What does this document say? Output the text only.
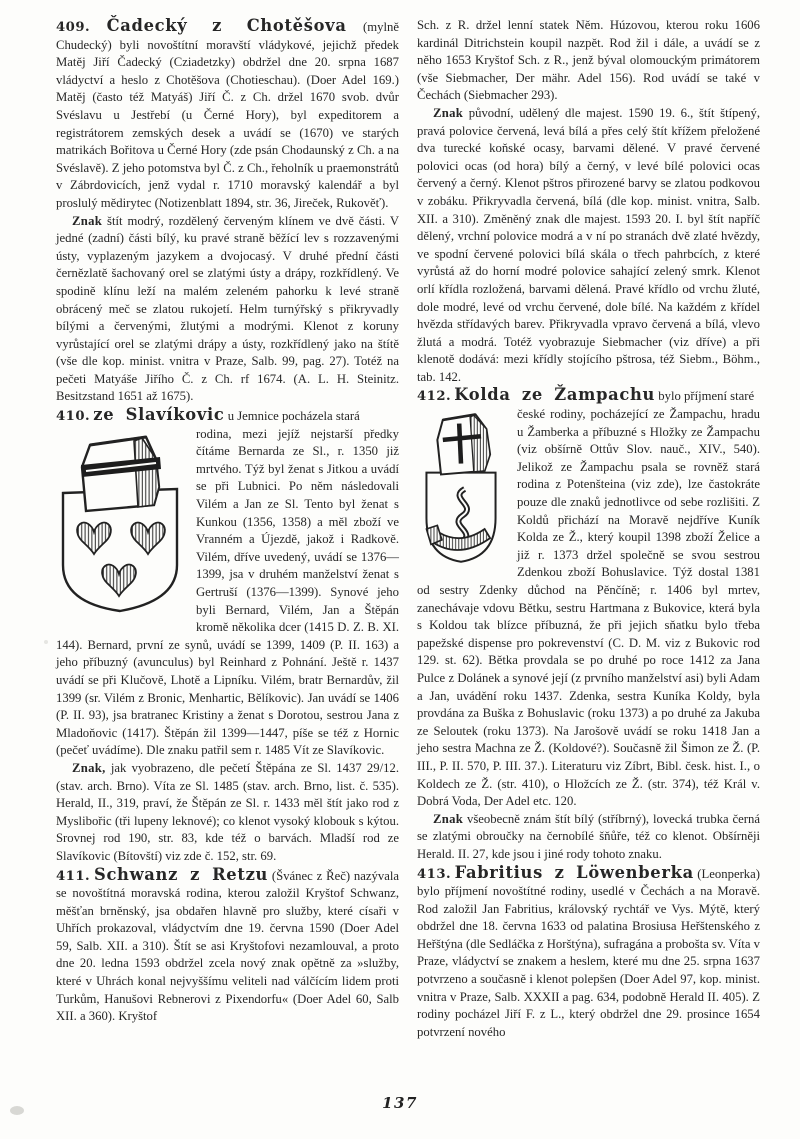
409. Čadecký z Chotěšova (mylně Chudecký) byli novoštítní moravští vládykové, jejichž předek Matěj Jiří Čadecký (Cziadetzky) obdržel dne 20. srpna 1687 vládyctví a heslo z Chotěšova (Chotieschau). (Doer Adel 169.) Matěj (často též Matyáš) Jiří Č. z Ch. držel 1670 svob. dvůr Svéslavu u Jestřebí (u Černé Hory), byl expeditorem a registrátorem zemských desek a uvádí se (1670) ve starých matrikách Bořitova u Černé Hory (zde psán Chodaunský z Ch. a na Svéslavě). Z jeho potomstva byl Č. z Ch., řeholník u praemonstrátů v Zábrdovicích, jenž vydal r. 1710 moravský kalendář a byl proslulý mědirytec (Notizenblatt 1894, str. 36, Jireček, Rukověť).

Znak štít modrý, rozdělený červeným klínem ve dvě části. V jedné (zadní) části bílý, ku pravé straně běžící lev s rozzavenými ústy, vyplazeným jazykem a dvojocasý. V druhé přední části černězlatě šachovaný orel se zlatými ústy a drápy, rozkřídlený. Ve spodině klínu leží na malém zeleném pahorku k levé straně obrácený meč se zlatou rukojetí. Helm turnýřský s přikryvadly bílými a červenými, žlutými a modrými. Klenot z koruny vyrůstající orel se zlatými drápy a ústy, rozkřídlený jako na štítě (vše dle kop. minist. vnitra v Praze, Salb. 99, pag. 27). Totéž na pečeti Matyáše Jiřího Č. z Ch. rf 1674. (A. L. H. Steinitz. Besitzstand 1651 až 1675).

410. ze Slavíkovic u Jemnice pocházela stará

rodina, mezi jejíž nejstarší předky čítáme Bernarda ze Sl., r. 1350 již mrtvého. Týž byl ženat s Jitkou a uvádí se při Lubnici. Po něm následovali Vilém a Jan ze Sl. Tento byl ženat s Kunkou (1356, 1358) a měl zboží ve Vranném a Újezdě, jakož i Radkově. Vilém, dříve uvedený, uvádí se 1376—1399, jsa v druhém manželství ženat s Gertruší (1376—1399). Synové jeho byli Bernard, Vilém, Jan a Štěpán kromě několika dcer (1415 D. Z. B. XI. 144). Bernard, první ze synů, uvádí se 1399, 1409 (P. II. 163) a jeho příbuzný (avunculus) byl Reinhard z Pohnání. Ještě r. 1437 uvádí se při Klučově, Lhotě a Lipníku. Vilém, bratr Bernardův, žil 1399 (sr. Vilém z Bronic, Menhartic, Bělíkovic). Jan uvádí se 1406 (P. II. 93), jsa bratranec Kristiny a ženat s Dorotou, sestrou Jana z Mladoňovic (1417). Štěpán žil 1399—1447, píše se též z Hornic (pečeť uvádíme). Dle znaku patřil sem r. 1485 Vít ze Slavíkovic.

Znak, jak vyobrazeno, dle pečetí Štěpána ze Sl. 1437 29/12. (stav. arch. Brno). Víta ze Sl. 1485 (stav. arch. Brno, list. č. 535). Herald, II., 319, praví, že Štěpán ze Sl. r. 1433 měl štít jako rod z Myslibořic (tři lupeny leknové); co klenot vysoký klobouk s kýtou. Srovnej rod 190, str. 83, kde též o barvách. Mladší rod ze Slavíkovic (Bítovští) viz zde č. 152, str. 69.

411. Schwanz z Retzu (Švánec z Řeč) nazývala se novoštítná moravská rodina, kterou založil Kryštof Schwanz, měšťan brněnský, jsa obdařen hlavně pro služby, které císaři v Uhřích prokazoval, vládyctvím dne 19. června 1590 (Doer Adel 59, Salb. XII. a 310). Štít se asi Kryštofovi nezamlouval, a proto dne 20. ledna 1593 obdržel zcela nový znak opětně za »služby, které v Uhrách konal nejvyššímu veliteli nad válčícím lidem proti Turkům, Hanušovi Rebnerovi z Pixendorfu« (Doer Adel 60, Salb XII. a 360). Kryštof

Sch. z R. držel lenní statek Něm. Húzovou, kterou roku 1606 kardinál Ditrichstein koupil nazpět. Rod žil i dále, a uvádí se z něho 1653 Kryštof Sch. z R., jenž býval olomouckým primátorem (vše Siebmacher, Der mähr. Adel 156). Rod uvádí se také v Čechách (Siebmacher 293).

Znak původní, udělený dle majest. 1590 19. 6., štít štípený, pravá polovice červená, levá bílá a přes celý štít křížem přeložené dva turecké koňské ocasy, barvami dělené. V pravé červené polovici ocas (od hora) bílý a černý, v levé bílé polovici ocas červený a černý. Klenot pštros přirozené barvy se zlatou podkovou v zobáku. Přikryvadla červená, bílá (dle kop. minist. vnitra, Salb. XII. a 310). Změněný znak dle majest. 1593 20. I. byl štít napříč dělený, vrchní polovice modrá a v ní po stranách dvě zlaté hvězdy, ve spodní červené polovici bílá skála o třech pahrbcích, z které vyrůstá až do horní modré polovice sahající zelený smrk. Klenot orlí křídla rozložená, barvami dělená. Pravé křídlo od vrchu žluté, dole modré, levé od vrchu červené, dole bílé. Na každém z křídel hvězda střídavých barev. Přikryvadla vpravo červená a bílá, vlevo žlutá a modrá. Totéž vyobrazuje Siebmacher (viz dříve) a při klenotě dodává: mezi křídly stojícího pštrosa, též Siebm., Böhm., tab. 142.

412. Kolda ze Žampachu bylo příjmení staré

české rodiny, pocházející ze Žampachu, hradu u Žamberka a příbuzné s Hložky ze Žampachu (viz obšírně Ottův Slov. nauč., XIV., 540). Jelikož ze Žampachu psala se rovněž stará rodina z Potenšteina (viz zde), lze častokráte pouze dle znaků jednotlivce od sebe rozlišiti. Z Koldů přichází na Moravě nejdříve Kuník Kolda ze Ž., který koupil 1398 zboží Želice a již r. 1373 držel společně se svou sestrou Zdenkou zboží Bohuslavice. Týž dostal 1381 od sestry Zdenky důchod na Pěnčíně; r. 1406 byl mrtev, zanechávaje vdovu Bětku, sestru Hartmana z Bukovice, která byla s Koldou tak blízce příbuzná, že při jejich sňatku bylo třeba papežské dispense pro pokrevenství (C. D. M. viz z Bukovic rod 129. st. 62). Bětka provdala se po druhé po roce 1412 za Jana Pulce z Dolánek a synové její (z prvního manželství asi) byli Adam a Jan, uvádění roku 1437. Zdenka, sestra Kuníka Koldy, byla provdána za Buška z Bohuslavic (roku 1373) a po druhé za Jakuba ze Seloutek (roku 1373). Na Jarošově uvádí se roku 1418 Jan a jeho sestra Machna ze Ž. (Koldové?). Současně žil Šimon ze Ž. (P. III., P. II. 570, P. III. 37.). Literaturu viz Zíbrt, Bibl. česk. hist. I., o Koldech ze Ž. (str. 410), o Hložcích ze Ž. (str. 374), též Král v. Dobrá Voda, Der Adel etc. 120.

Znak všeobecně znám štít bílý (stříbrný), lovecká trubka černá se zlatými obroučky na černobílé šňůře, též co klenot. Obšírněji Herald. II. 27, kde jsou i jiné rody tohoto znaku.

413. Fabritius z Löwenberka (Leonperka) bylo příjmení novoštítné rodiny, usedlé v Čechách a na Moravě. Rod založil Jan Fabritius, královský rychtář ve Vys. Mýtě, který obdržel dne 18. června 1633 od palatina Brosiusa Heřštenského z Heřštýna (dle Sedláčka z Horštýna), sufragána a probošta sv. Víta v Praze, vládyctví se znakem a heslem, které mu dne 25. srpna 1637 potvrzeno a současně i klenot polepšen (Doer Adel 97, kop. minist. vnitra v Praze, Salb. XXXII a pag. 634, podobně Herald II. 405). Z rodiny pocházel Jiří F. z L., který obdržel dne 29. prosince 1654 potvrzení nového

137
